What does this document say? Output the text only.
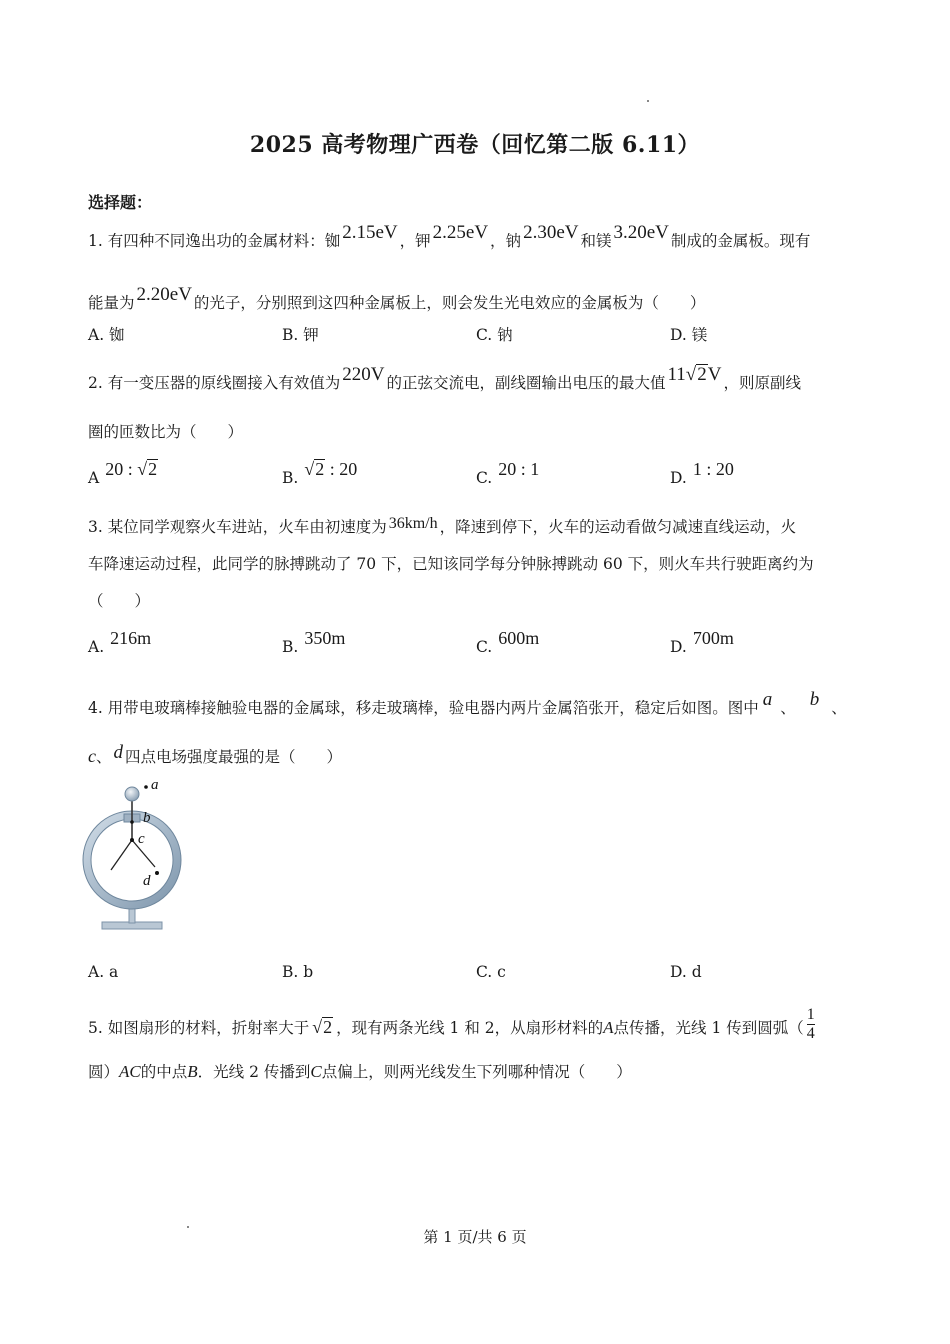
2025 高考物理广西卷（回忆第二版 6.11）
选择题：
1. 有四种不同逸出功的金属材料：铷 2.15eV ，钾 2.25eV ，钠 2.30eV 和镁 3.20eV 制成的金属板。现有
能量为 2.20eV 的光子，分别照到这四种金属板上，则会发生光电效应的金属板为（　　）
A. 铷	B. 钾	C. 钠	D. 镁
2. 有一变压器的原线圈接入有效值为 220V 的正弦交流电，副线圈输出电压的最大值 11√2V ，则原副线
圈的匝数比为（　　）
A 20 : √2	B. √2 : 20	C. 20 : 1	D. 1 : 20
3. 某位同学观察火车进站，火车由初速度为 36km/h ，降速到停下，火车的运动看做匀减速直线运动，火
车降速运动过程，此同学的脉搏跳动了 70 下，已知该同学每分钟脉搏跳动 60 下，则火车共行驶距离约为
（　　）
A. 216m	B. 350m	C. 600m	D. 700m
4. 用带电玻璃棒接触验电器的金属球，移走玻璃棒，验电器内两片金属箔张开，稳定后如图。图中 a 、 b 、
c、 d 四点电场强度最强的是（　　）
a
b
c
d
A. a	B. b	C. c	D. d
5. 如图扇形的材料，折射率大于 √2 ，现有两条光线 1 和 2，从扇形材料的A点传播，光线 1 传到圆弧（ $\frac{1}{4}$
圆）AC的中点B．光线 2 传播到C点偏上，则两光线发生下列哪种情况（　　）
第 1 页/共 6 页
